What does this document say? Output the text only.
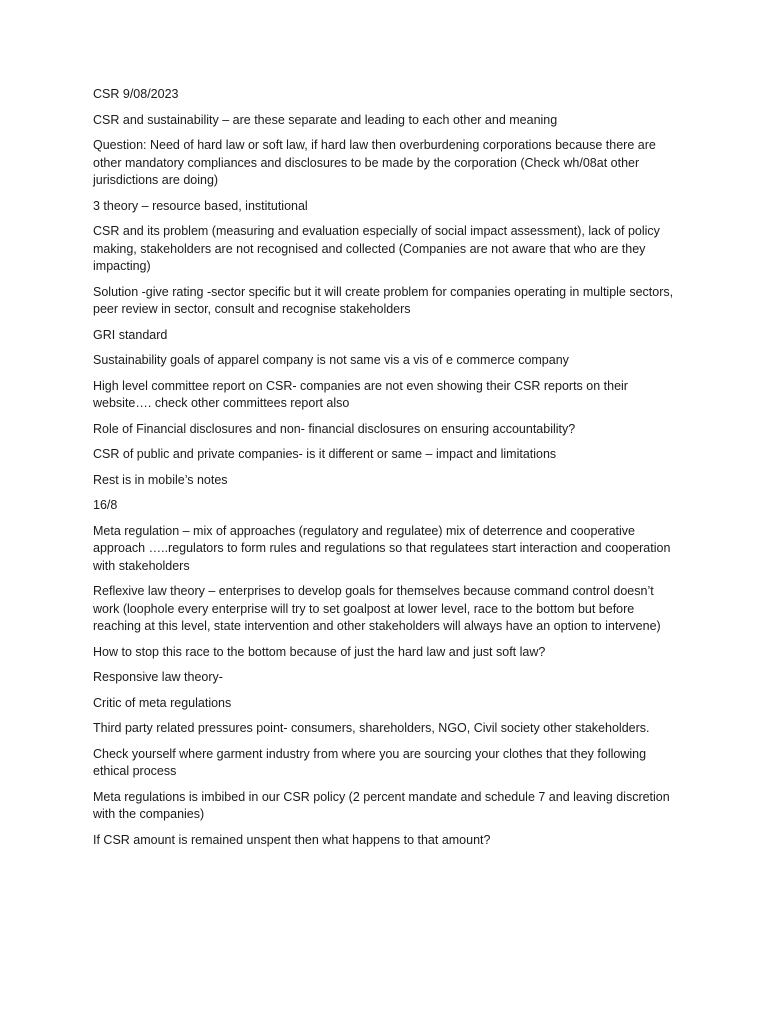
CSR 9/08/2023

CSR and sustainability – are these separate and leading to each other and meaning

Question: Need of hard law or soft law, if hard law then overburdening corporations because there are other mandatory compliances and disclosures to be made by the corporation (Check wh/08at other jurisdictions are doing)

3 theory – resource based, institutional

CSR and its problem (measuring and evaluation especially of social impact assessment), lack of policy making, stakeholders are not recognised and collected (Companies are not aware that who are they impacting)

Solution -give rating -sector specific but it will create problem for companies operating in multiple sectors, peer review in sector, consult and recognise stakeholders

GRI standard

Sustainability goals of apparel company is not same vis a vis of e commerce company

High level committee report on CSR- companies are not even showing their CSR reports on their website…. check other committees report also

Role of Financial disclosures and non- financial disclosures on ensuring accountability?

CSR of public and private companies- is it different or same – impact and limitations

Rest is in mobile’s notes

16/8

Meta regulation – mix of approaches (regulatory and regulatee) mix of deterrence and cooperative approach …..regulators to form rules and regulations so that regulatees start interaction and cooperation with stakeholders

Reflexive law theory – enterprises to develop goals for themselves because command control doesn’t work (loophole every enterprise will try to set goalpost at lower level, race to the bottom but before reaching at this level, state intervention and other stakeholders will always have an option to intervene)

How to stop this race to the bottom because of just the hard law and just soft law?

Responsive law theory-

Critic of meta regulations

Third party related pressures point- consumers, shareholders, NGO, Civil society other stakeholders.

Check yourself where garment industry from where you are sourcing your clothes that they following ethical process

Meta regulations is imbibed in our CSR policy (2 percent mandate and schedule 7 and leaving discretion with the companies)

If CSR amount is remained unspent then what happens to that amount?
